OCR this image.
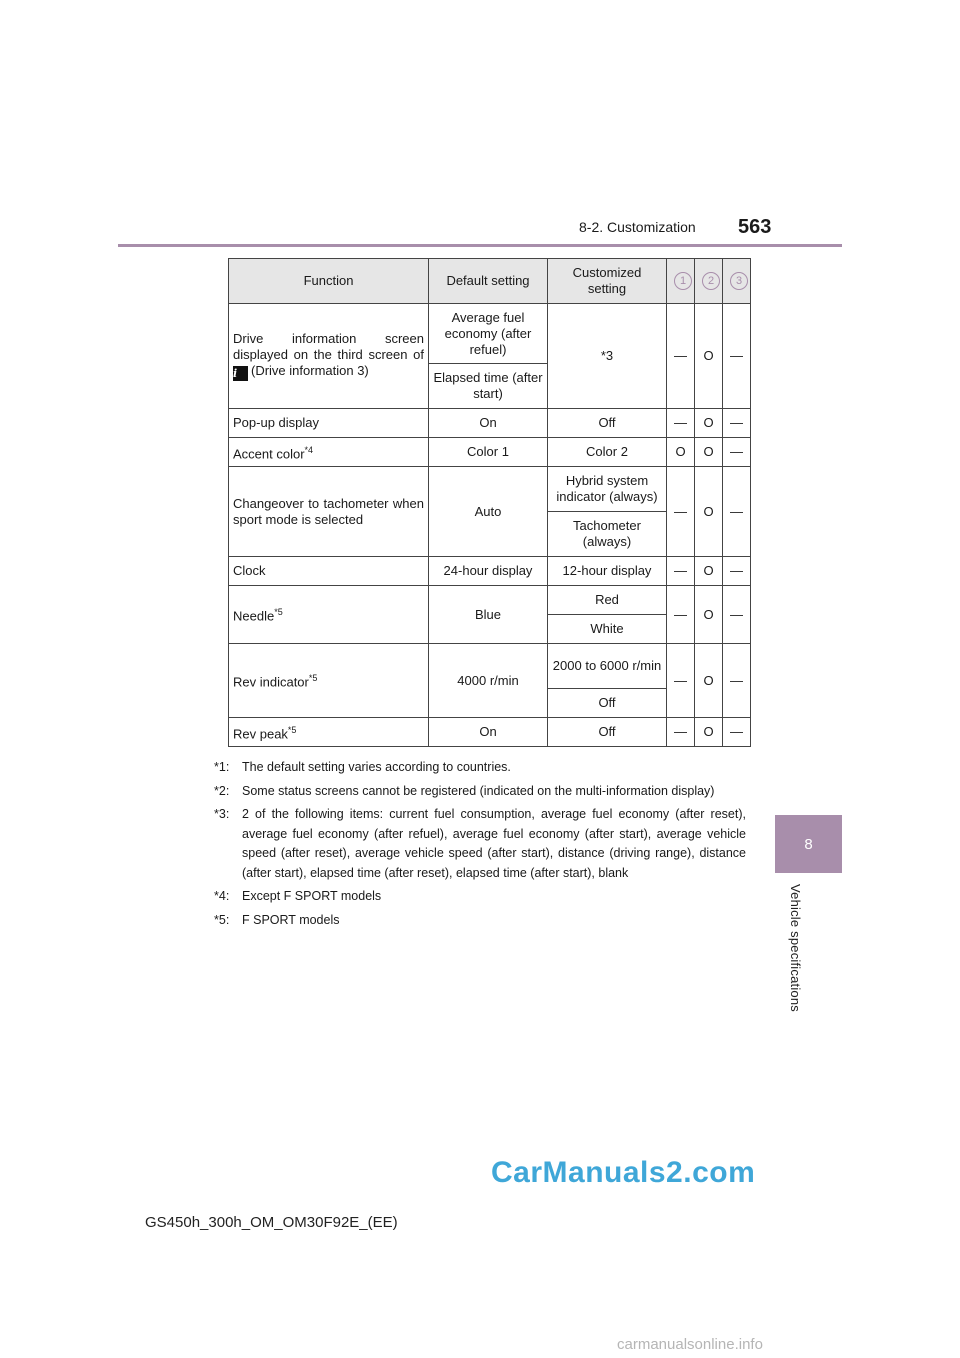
8-2. Customization 563
8
Vehicle specifications
Function	Default setting	Customized setting	1	2	3
Drive information screen displayed on the third screen of i (Drive information 3)	Average fuel economy (after refuel)	*3	—	O	—
	Elapsed time (after start)				
Pop-up display	On	Off	—	O	—
Accent color$^{*4}$	Color 1	Color 2	O	O	—
Changeover to tachometer when sport mode is selected	Auto	Hybrid system indicator (always)	—	O	—
		Tachometer (always)			
Clock	24-hour display	12-hour display	—	O	—
Needle$^{*5}$	Blue	Red	—	O	—
		White			
Rev indicator$^{*5}$	4000 r/min	2000 to 6000 r/min	—	O	—
		Off			
Rev peak$^{*5}$	On	Off	—	O	—
*1:	The default setting varies according to countries.
*2:	Some status screens cannot be registered (indicated on the multi-information display)
*3:	2 of the following items: current fuel consumption, average fuel economy (after reset), average fuel economy (after refuel), average fuel economy (after start), average vehicle speed (after reset), average vehicle speed (after start), distance (driving range), distance (after start), elapsed time (after reset), elapsed time (after start), blank
*4:	Except F SPORT models
*5:	F SPORT models
GS450h_300h_OM_OM30F92E_(EE)
CarManuals2.com
carmanualsonline.info
